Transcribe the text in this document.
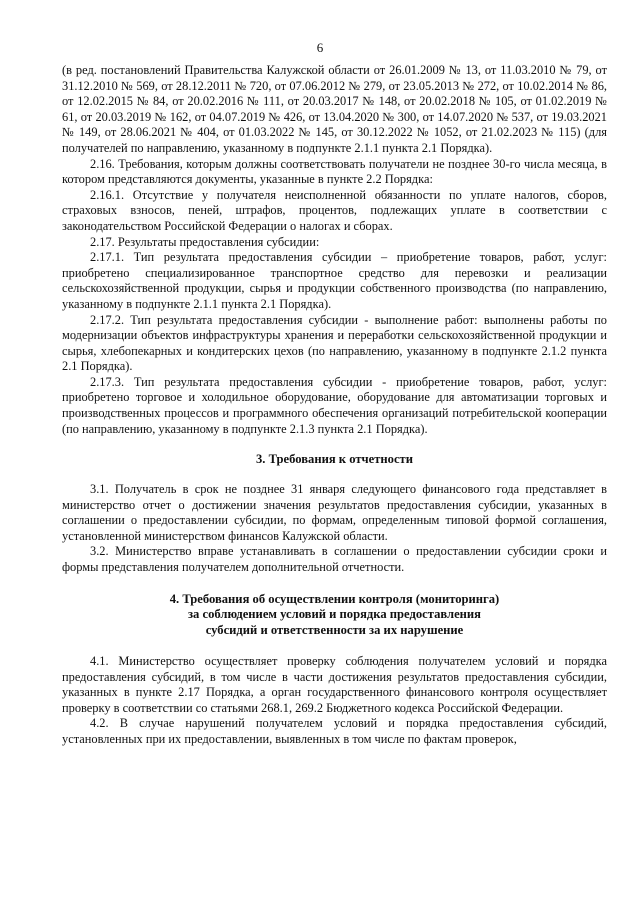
6

(в ред. постановлений Правительства Калужской области от 26.01.2009 № 13, от 11.03.2010 № 79, от 31.12.2010 № 569, от 28.12.2011 № 720, от 07.06.2012 № 279, от 23.05.2013 № 272, от 10.02.2014 № 86, от 12.02.2015 № 84, от 20.02.2016 № 111, от 20.03.2017 № 148, от 20.02.2018 № 105, от 01.02.2019 № 61, от 20.03.2019 № 162, от 04.07.2019 № 426, от 13.04.2020 № 300, от 14.07.2020 № 537, от 19.03.2021 № 149, от 28.06.2021 № 404, от 01.03.2022 № 145, от 30.12.2022 № 1052, от 21.02.2023 № 115) (для получателей по направлению, указанному в подпункте 2.1.1 пункта 2.1 Порядка).

2.16. Требования, которым должны соответствовать получатели не позднее 30-го числа месяца, в котором представляются документы, указанные в пункте 2.2 Порядка:

2.16.1. Отсутствие у получателя неисполненной обязанности по уплате налогов, сборов, страховых взносов, пеней, штрафов, процентов, подлежащих уплате в соответствии с законодательством Российской Федерации о налогах и сборах.

2.17. Результаты предоставления субсидии:

2.17.1. Тип результата предоставления субсидии – приобретение товаров, работ, услуг: приобретено специализированное транспортное средство для перевозки и реализации сельскохозяйственной продукции, сырья и продукции собственного производства (по направлению, указанному в подпункте 2.1.1 пункта 2.1 Порядка).

2.17.2. Тип результата предоставления субсидии - выполнение работ: выполнены работы по модернизации объектов инфраструктуры хранения и переработки сельскохозяйственной продукции и сырья, хлебопекарных и кондитерских цехов (по направлению, указанному в подпункте 2.1.2 пункта 2.1 Порядка).

2.17.3. Тип результата предоставления субсидии - приобретение товаров, работ, услуг: приобретено торговое и холодильное оборудование, оборудование для автоматизации торговых и производственных процессов и программного обеспечения организаций потребительской кооперации (по направлению, указанному в подпункте 2.1.3 пункта 2.1 Порядка).

3. Требования к отчетности

3.1. Получатель в срок не позднее 31 января следующего финансового года представляет в министерство отчет о достижении значения результатов предоставления субсидии, указанных в соглашении о предоставлении субсидии, по формам, определенным типовой формой соглашения, установленной министерством финансов Калужской области.

3.2. Министерство вправе устанавливать в соглашении о предоставлении субсидии сроки и формы представления получателем дополнительной отчетности.

4. Требования об осуществлении контроля (мониторинга)

за соблюдением условий и порядка предоставления

субсидий и ответственности за их нарушение

4.1. Министерство осуществляет проверку соблюдения получателем условий и порядка предоставления субсидий, в том числе в части достижения результатов предоставления субсидии, указанных в пункте 2.17 Порядка, а орган государственного финансового контроля осуществляет проверку в соответствии со статьями 268.1, 269.2 Бюджетного кодекса Российской Федерации.

4.2. В случае нарушений получателем условий и порядка предоставления субсидий, установленных при их предоставлении, выявленных в том числе по фактам проверок,
